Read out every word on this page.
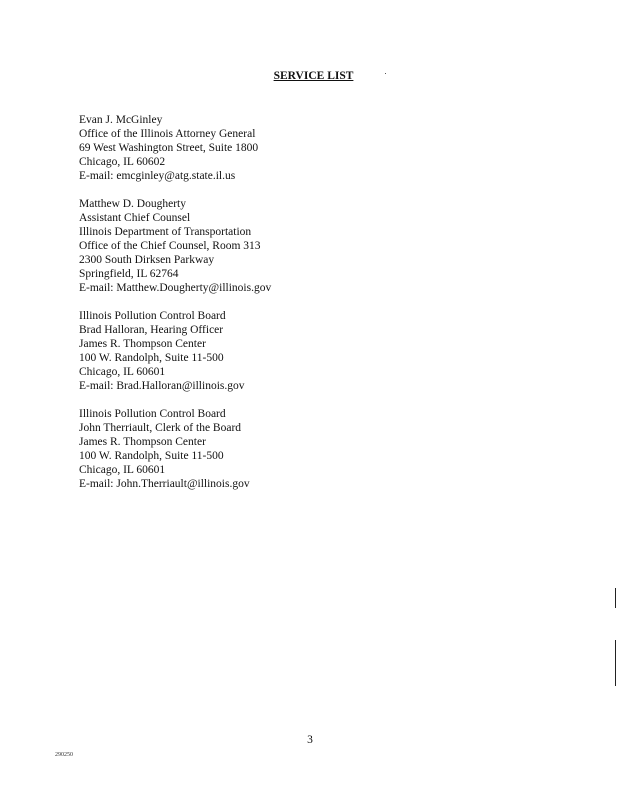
SERVICE LIST
Evan J. McGinley
Office of the Illinois Attorney General
69 West Washington Street, Suite 1800
Chicago, IL 60602
E-mail: emcginley@atg.state.il.us
Matthew D. Dougherty
Assistant Chief Counsel
Illinois Department of Transportation
Office of the Chief Counsel, Room 313
2300 South Dirksen Parkway
Springfield, IL 62764
E-mail: Matthew.Dougherty@illinois.gov
Illinois Pollution Control Board
Brad Halloran, Hearing Officer
James R. Thompson Center
100 W. Randolph, Suite 11-500
Chicago, IL 60601
E-mail: Brad.Halloran@illinois.gov
Illinois Pollution Control Board
John Therriault, Clerk of the Board
James R. Thompson Center
100 W. Randolph, Suite 11-500
Chicago, IL 60601
E-mail: John.Therriault@illinois.gov
3
290250
